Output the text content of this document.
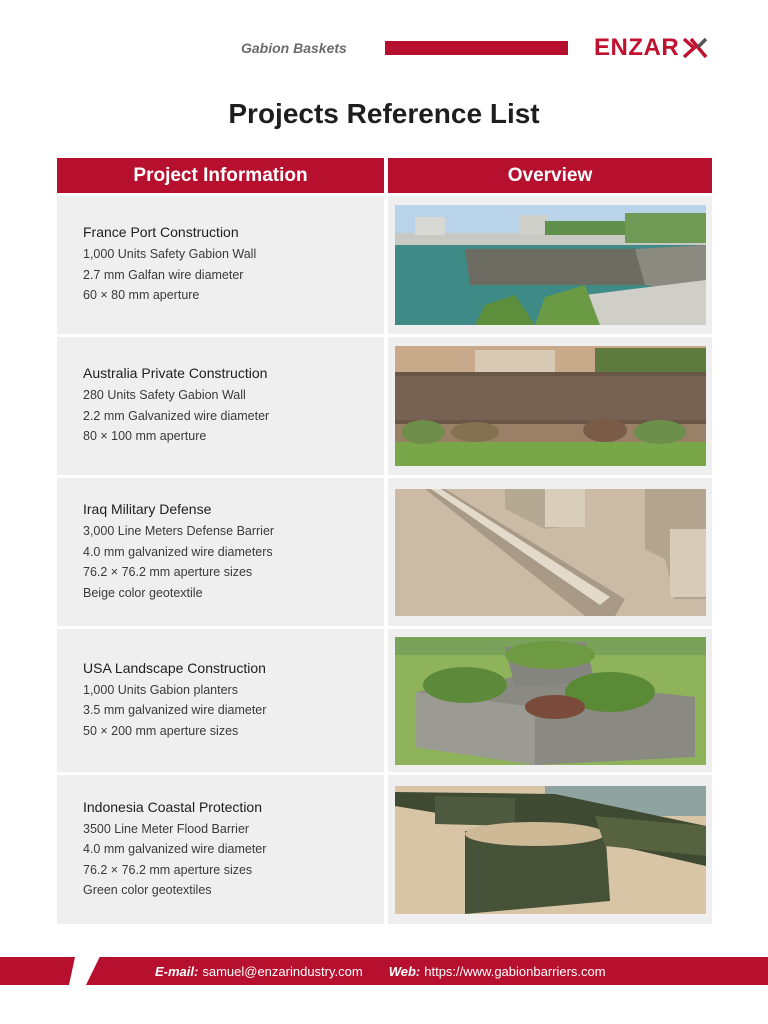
Gabion Baskets	ENZAR
Projects Reference List
Project Information	Overview
France Port Construction
1,000 Units Safety Gabion Wall
2.7 mm Galfan wire diameter
60 × 80 mm aperture
Australia Private Construction
280 Units Safety Gabion Wall
2.2 mm Galvanized wire diameter
80 × 100 mm aperture
Iraq Military Defense
3,000 Line Meters Defense Barrier
4.0 mm galvanized wire diameters
76.2 × 76.2 mm aperture sizes
Beige color geotextile
USA Landscape Construction
1,000 Units Gabion planters
3.5 mm galvanized wire diameter
50 × 200 mm aperture sizes
Indonesia Coastal Protection
3500 Line Meter Flood Barrier
4.0 mm galvanized wire diameter
76.2 × 76.2 mm aperture sizes
Green color geotextiles
E-mail: samuel@enzarindustry.com Web: https://www.gabionbarriers.com
